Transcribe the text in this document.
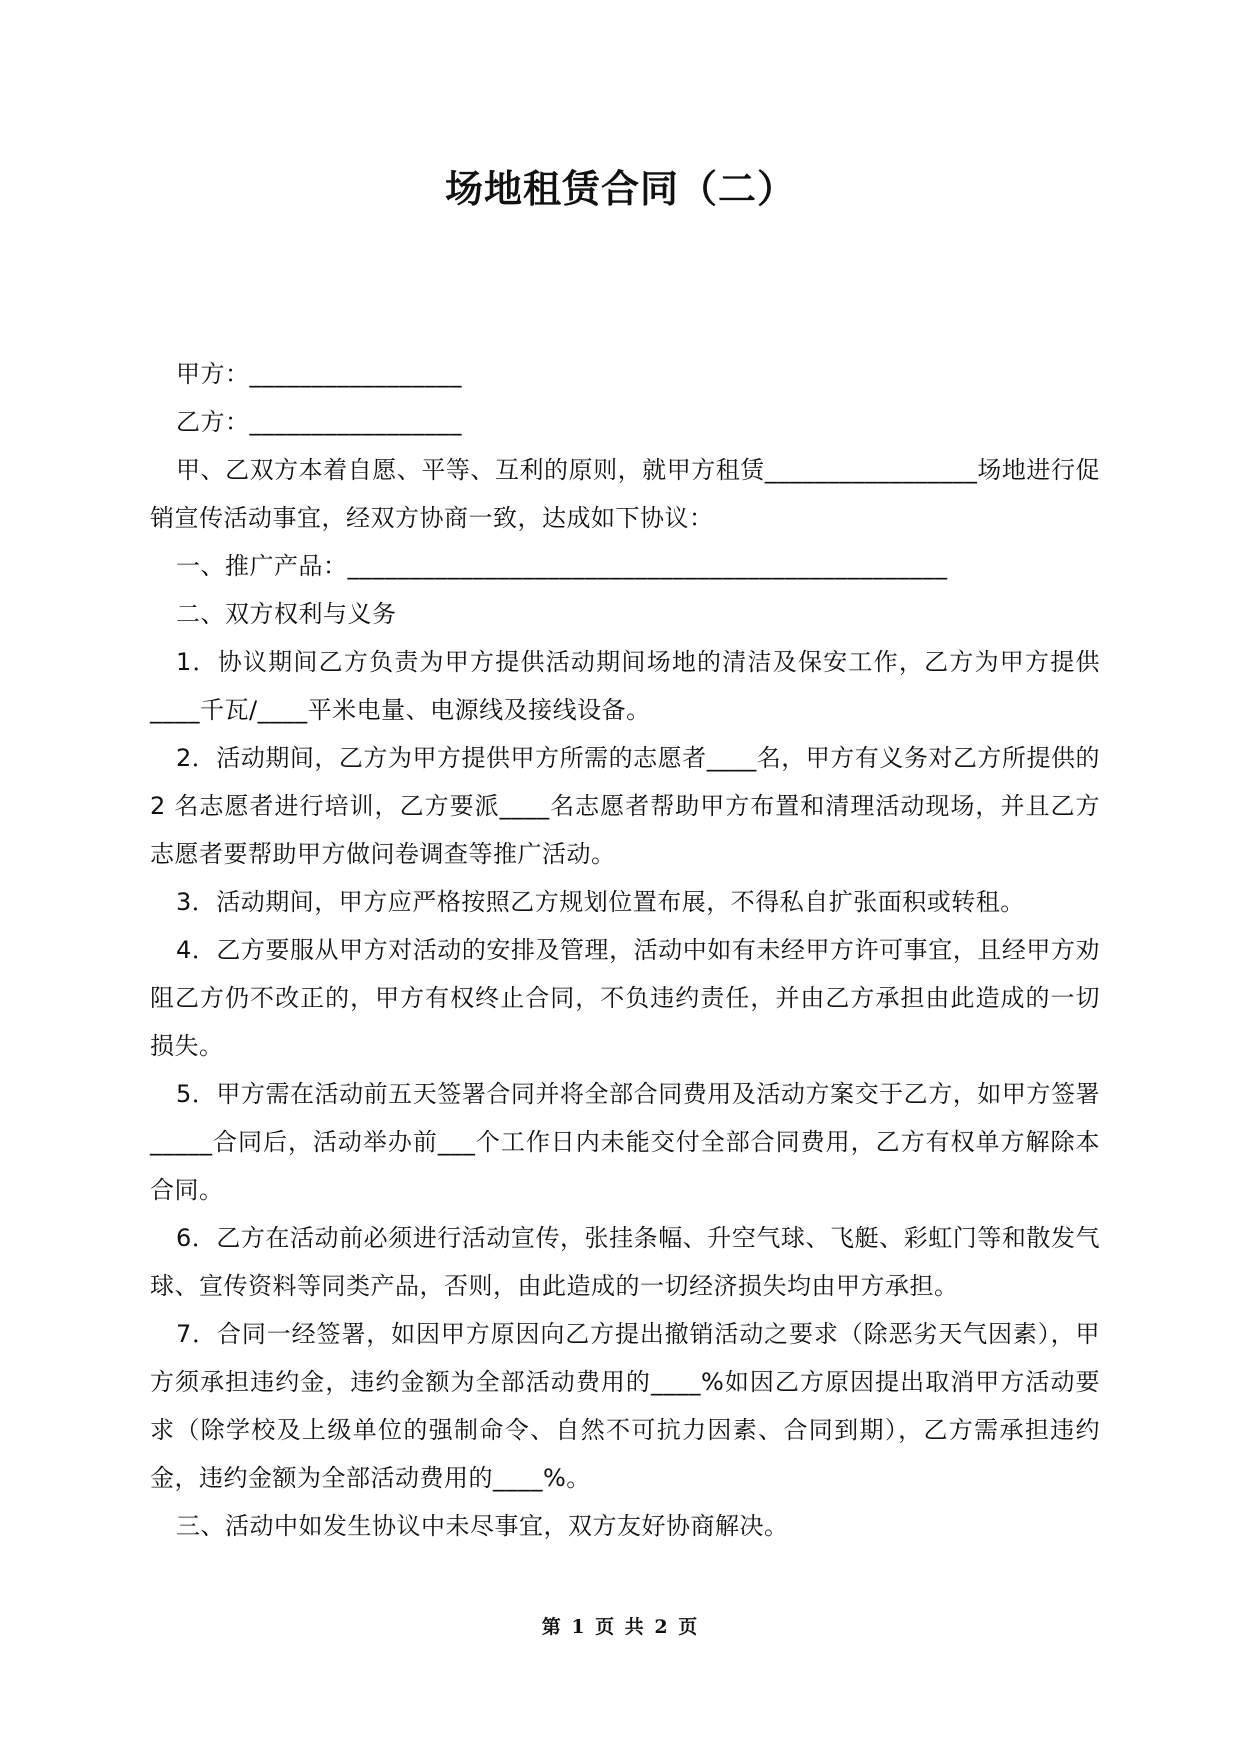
场地租赁合同（二）

甲方：_________________

乙方：_________________

甲、乙双方本着自愿、平等、互利的原则，就甲方租赁_________________场地进行促销宣传活动事宜，经双方协商一致，达成如下协议：

一、推广产品：________________________________________________

二、双方权利与义务

1．协议期间乙方负责为甲方提供活动期间场地的清洁及保安工作，乙方为甲方提供____千瓦/____平米电量、电源线及接线设备。

2．活动期间，乙方为甲方提供甲方所需的志愿者____名，甲方有义务对乙方所提供的 2 名志愿者进行培训，乙方要派____名志愿者帮助甲方布置和清理活动现场，并且乙方志愿者要帮助甲方做问卷调查等推广活动。

3．活动期间，甲方应严格按照乙方规划位置布展，不得私自扩张面积或转租。

4．乙方要服从甲方对活动的安排及管理，活动中如有未经甲方许可事宜，且经甲方劝阻乙方仍不改正的，甲方有权终止合同，不负违约责任，并由乙方承担由此造成的一切损失。

5．甲方需在活动前五天签署合同并将全部合同费用及活动方案交于乙方，如甲方签署_____合同后，活动举办前___个工作日内未能交付全部合同费用，乙方有权单方解除本合同。

6．乙方在活动前必须进行活动宣传，张挂条幅、升空气球、飞艇、彩虹门等和散发气球、宣传资料等同类产品，否则，由此造成的一切经济损失均由甲方承担。

7．合同一经签署，如因甲方原因向乙方提出撤销活动之要求（除恶劣天气因素），甲方须承担违约金，违约金额为全部活动费用的____%如因乙方原因提出取消甲方活动要求（除学校及上级单位的强制命令、自然不可抗力因素、合同到期），乙方需承担违约金，违约金额为全部活动费用的____%。

三、活动中如发生协议中未尽事宜，双方友好协商解决。

第 1 页 共 2 页
